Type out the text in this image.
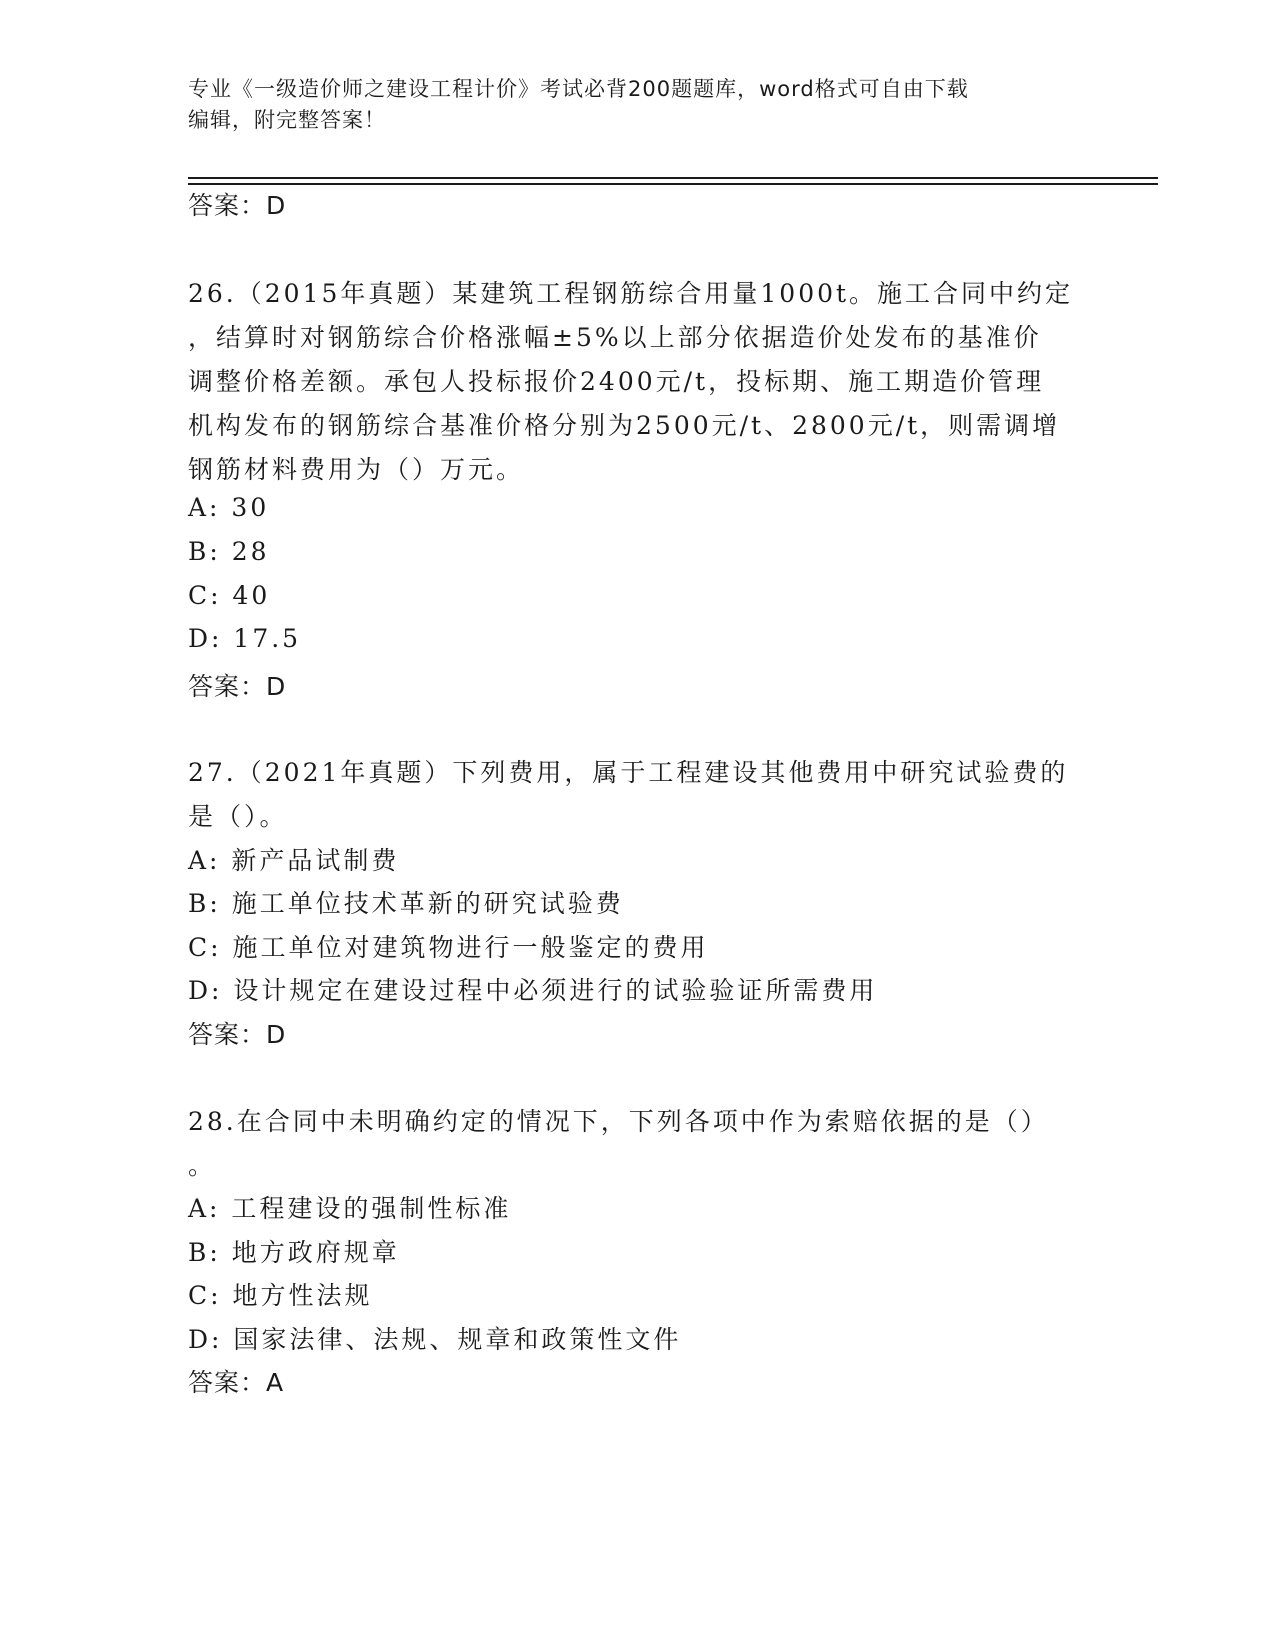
专业《一级造价师之建设工程计价》考试必背200题题库，word格式可自由下载
编辑，附完整答案！
答案：D
26.（2015年真题）某建筑工程钢筋综合用量1000t。施工合同中约定
，结算时对钢筋综合价格涨幅±5%以上部分依据造价处发布的基准价
调整价格差额。承包人投标报价2400元/t，投标期、施工期造价管理
机构发布的钢筋综合基准价格分别为2500元/t、2800元/t，则需调增
钢筋材料费用为（）万元。
A: 30
B: 28
C: 40
D: 17.5
答案：D
27.（2021年真题）下列费用，属于工程建设其他费用中研究试验费的
是（）。
A: 新产品试制费
B: 施工单位技术革新的研究试验费
C: 施工单位对建筑物进行一般鉴定的费用
D: 设计规定在建设过程中必须进行的试验验证所需费用
答案：D
28.在合同中未明确约定的情况下，下列各项中作为索赔依据的是（）
。
A: 工程建设的强制性标准
B: 地方政府规章
C: 地方性法规
D: 国家法律、法规、规章和政策性文件
答案：A
